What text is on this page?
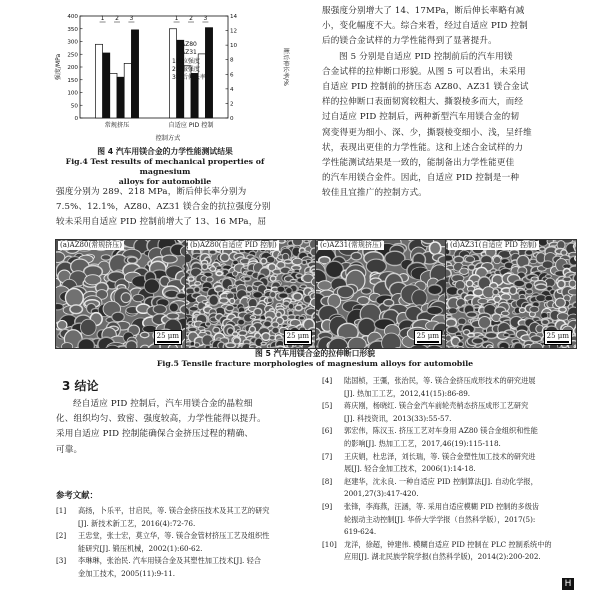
0
50
100
150
200
250
300
350
400
0
2
4
6
8
10
12
14
强度/MPa	断后伸长率/%
控制方式
1 2 3
常规挤压
1 2 3
自适应 PID 控制
AZ80
AZ31
1抗拉强度
2屈服强度
3断后伸长率
图 4 汽车用镁合金的力学性能测试结果
Fig.4 Test results of mechanical properties of magnesium
alloys for automobile
强度分别为 289、218 MPa，断后伸长率分别为
7.5%、12.1%，AZ80、AZ31 镁合金的抗拉强度分别
较未采用自适应 PID 控制前增大了 13、16 MPa，屈
服强度分别增大了 14、17MPa，断后伸长率略有减
小，变化幅度不大。综合来看，经过自适应 PID 控制
后的镁合金试样的力学性能得到了显著提升。
图 5 分别是自适应 PID 控制前后的汽车用镁
合金试样的拉伸断口形貌。从图 5 可以看出，未采用
自适应 PID 控制前的挤压态 AZ80、AZ31 镁合金试
样的拉伸断口表面韧窝较粗大、撕裂棱多而大，而经
过自适应 PID 控制后，两种新型汽车用镁合金的韧
窝变得更为细小、深、少，撕裂棱变细小、浅，呈纤维
状，表现出更佳的力学性能。这和上述合金试样的力
学性能测试结果是一致的，能制备出力学性能更佳
的汽车用镁合金件。因此，自适应 PID 控制是一种
较佳且宜推广的控制方式。
(a)AZ80(常规挤压)
25 μm
(b)AZ80(自适应 PID 控制)
25 μm
(c)AZ31(常规挤压)
25 μm
(d)AZ31(自适应 PID 控制)
25 μm
图 5 汽车用镁合金的拉伸断口形貌
Fig.5 Tensile fracture morphologies of magnesium alloys for automobile
3 结论
经自适应 PID 控制后，汽车用镁合金的晶粒细
化、组织均匀、致密、强度较高，力学性能得以提升。
采用自适应 PID 控制能确保合金挤压过程的精确、
可靠。
参考文献：
[1] 高扬，卜乐平，甘启民，等. 镁合金挤压技术及其工艺的研究
[J]. 新技术新工艺，2016(4):72-76.
[2] 王忠堂，张士宏，莫立华，等. 镁合金管材挤压工艺及组织性
能研究[J]. 锻压机械，2002(1):60-62.
[3] 李琳琳，张治民. 汽车用镁合金及其塑性加工技术[J]. 轻合
金加工技术，2005(11):9-11.
[4] 陆国桢，王彊，张治民，等. 镁合金挤压成形技术的研究进展
[J]. 热加工工艺，2012,41(15):86-89.
[5] 蒋庆刚，杨晓红. 镁合金汽车前轮壳梢态挤压成形工艺研究
[J]. 科技资讯，2013(33):55-57.
[6] 郭宏伟，陈汉玉. 挤压工艺对车身用 AZ80 镁合金组织和性能
的影响[J]. 热加工工艺，2017,46(19):115-118.
[7] 王庆娟，杜忠泽，刘长瑞，等. 镁合金塑性加工技术的研究进
展[J]. 轻合金加工技术，2006(1):14-18.
[8] 赵建华，沈永良. 一种自适应 PID 控制算法[J]. 自动化学报，
2001,27(3):417-420.
[9] 张锋，李海燕，汪涵，等. 采用自适应模糊 PID 控制的多级齿
轮振动主动控制[J]. 华侨大学学报（自然科学版），2017(5):
619-624.
[10] 龙洋，徐超，钟建伟. 模糊自适应 PID 控制在 PLC 控制系统中的
应用[J]. 湖北民族学院学报(自然科学版)，2014(2):200-202.
H
